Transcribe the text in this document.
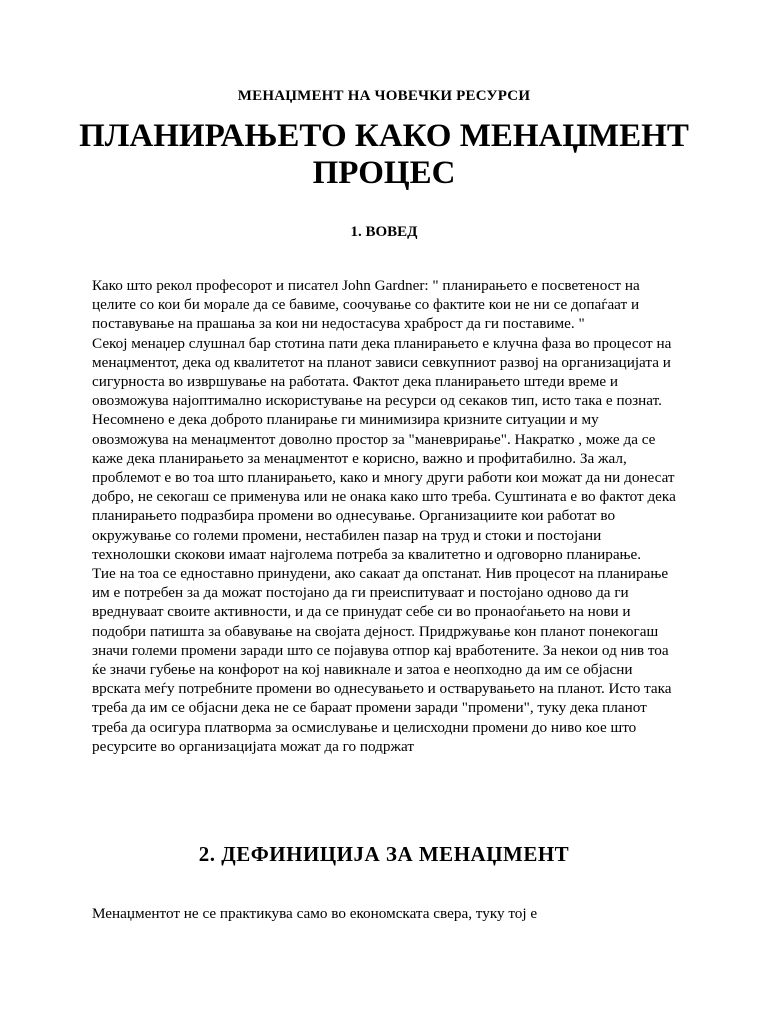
МЕНАЏМЕНТ НА ЧОВЕЧКИ РЕСУРСИ
ПЛАНИРАЊЕТО КАКО МЕНАЏМЕНТ
ПРОЦЕС
1. ВОВЕД

Како што рекол професорот и писател John Gardner: " планирањето е посветеност на целите со кои би морале да се бавиме, соочување со фактите кои не ни се допаѓаат и поставување на прашања за кои ни недостасува храброст да ги поставиме. "

Секој менаџер слушнал бар стотина пати дека планирањето е клучна фаза во процесот на менаџментот, дека од квалитетот на планот зависи севкупниот развој на организацијата и сигурноста во извршување на работата. Фактот дека планирањето штеди време и овозможува најоптимално искористување на ресурси од секаков тип, исто така е познат. Несомнено е дека доброто планирање ги минимизира кризните ситуации и му овозможува на менаџментот доволно простор за "маневрирање". Накратко , може да се каже дека планирањето за менаџментот е корисно, важно и профитабилно. За жал, проблемот е во тоа што планирањето, како и многу други работи кои можат да ни донесат добро, не секогаш се применува или не онака како што треба. Суштината е во фактот дека планирањето подразбира промени во однесување. Организациите кои работат во окружување со големи промени, нестабилен пазар на труд и стоки и постојани технолошки скокови имаат најголема потреба за квалитетно и одговорно планирање.

Тие на тоа се едноставно принудени, ако сакаат да опстанат. Нив процесот на планирање им е потребен за да можат постојано да ги преиспитуваат и постојано одново да ги вреднуваат своите активности, и да се принудат себе си во пронаоѓањето на нови и подобри патишта за обавување на својата дејност. Придржување кон планот понекогаш значи големи промени заради што се појавува отпор кај вработените. За некои од нив тоа ќе значи губење на конфорот на кој навикнале и затоа е неопходно да им се објасни врската меѓу потребните промени во однесувањето и остварувањето на планот. Исто така треба да им се објасни дека не се бараат промени заради "промени", туку дека планот треба да осигура платворма за осмислување и целисходни промени до ниво кое што ресурсите во организацијата можат да го подржат

2. ДЕФИНИЦИЈА ЗА МЕНАЏМЕНТ

Менаџментот не се практикува само во економската свера, туку тој е
